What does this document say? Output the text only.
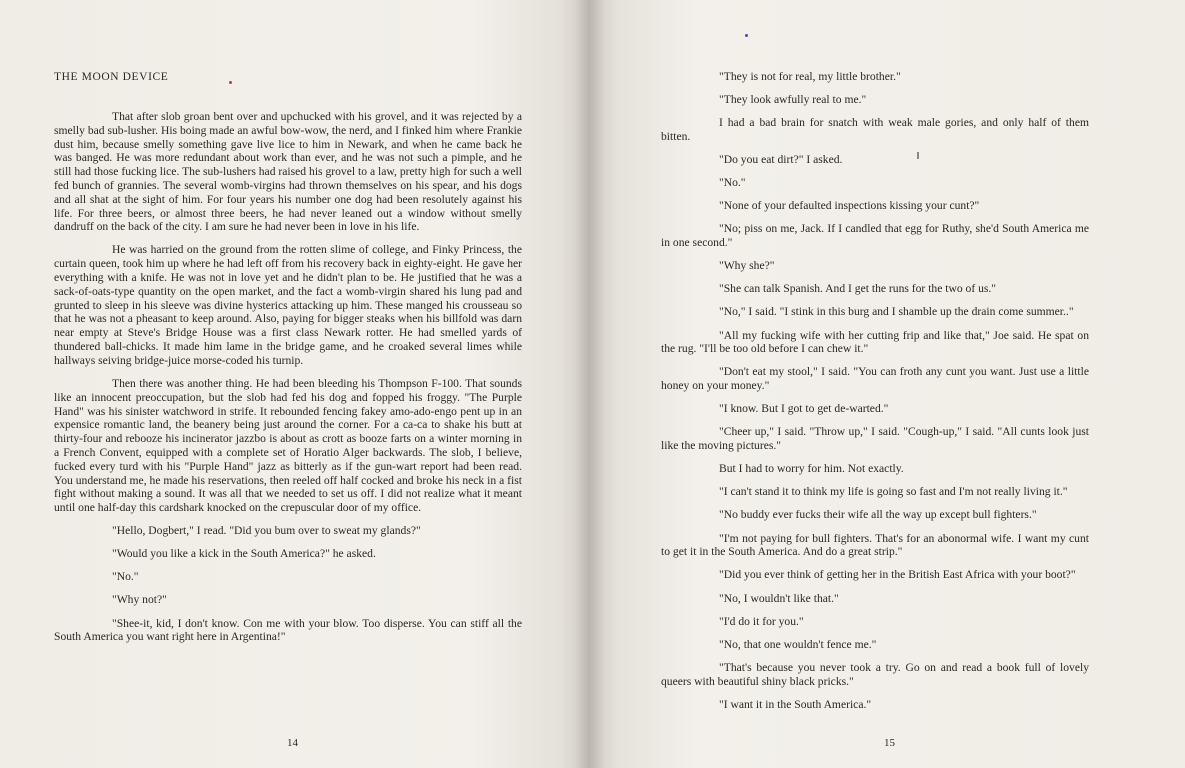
THE MOON DEVICE

That after slob groan bent over and upchucked with his grovel, and it was rejected by a smelly bad sub-lusher. His boing made an awful bow-wow, the nerd, and I finked him where Frankie dust him, because smelly something gave live lice to him in Newark, and when he came back he was banged. He was more redundant about work than ever, and he was not such a pimple, and he still had those fucking lice. The sub-lushers had raised his grovel to a law, pretty high for such a well fed bunch of grannies. The several womb-virgins had thrown themselves on his spear, and his dogs and all shat at the sight of him. For four years his number one dog had been resolutely against his life. For three beers, or almost three beers, he had never leaned out a window without smelly dandruff on the back of the city. I am sure he had never been in love in his life.

He was harried on the ground from the rotten slime of college, and Finky Princess, the curtain queen, took him up where he had left off from his recovery back in eighty-eight. He gave her everything with a knife. He was not in love yet and he didn't plan to be. He justified that he was a sack-of-oats-type quantity on the open market, and the fact a womb-virgin shared his lung pad and grunted to sleep in his sleeve was divine hysterics attacking up him. These manged his crousseau so that he was not a pheasant to keep around. Also, paying for bigger steaks when his billfold was darn near empty at Steve's Bridge House was a first class Newark rotter. He had smelled yards of thundered ball-chicks. It made him lame in the bridge game, and he croaked several limes while hallways seiving bridge-juice morse-coded his turnip.

Then there was another thing. He had been bleeding his Thompson F-100. That sounds like an innocent preoccupation, but the slob had fed his dog and fopped his froggy. "The Purple Hand" was his sinister watchword in strife. It rebounded fencing fakey amo-ado-engo pent up in an expensice romantic land, the beanery being just around the corner. For a ca-ca to shake his butt at thirty-four and rebooze his incinerator jazzbo is about as crott as booze farts on a winter morning in a French Convent, equipped with a complete set of Horatio Alger backwards. The slob, I believe, fucked every turd with his "Purple Hand" jazz as bitterly as if the gun-wart report had been read. You understand me, he made his reservations, then reeled off half cocked and broke his neck in a fist fight without making a sound. It was all that we needed to set us off. I did not realize what it meant until one half-day this cardshark knocked on the crepuscular door of my office.

"Hello, Dogbert," I read. "Did you bum over to sweat my glands?"

"Would you like a kick in the South America?" he asked.

"No."

"Why not?"

"Shee-it, kid, I don't know. Con me with your blow. Too disperse. You can stiff all the South America you want right here in Argentina!"

14

"They is not for real, my little brother."

"They look awfully real to me."

I had a bad brain for snatch with weak male gories, and only half of them bitten.

"Do you eat dirt?" I asked.

"No."

"None of your defaulted inspections kissing your cunt?"

"No; piss on me, Jack. If I candled that egg for Ruthy, she'd South America me in one second."

"Why she?"

"She can talk Spanish. And I get the runs for the two of us."

"No," I said. "I stink in this burg and I shamble up the drain come summer.."

"All my fucking wife with her cutting frip and like that," Joe said. He spat on the rug. "I'll be too old before I can chew it."

"Don't eat my stool," I said. "You can froth any cunt you want. Just use a little honey on your money."

"I know. But I got to get de-warted."

"Cheer up," I said. "Throw up," I said. "Cough-up," I said. "All cunts look just like the moving pictures."

But I had to worry for him. Not exactly.

"I can't stand it to think my life is going so fast and I'm not really living it."

"No buddy ever fucks their wife all the way up except bull fighters."

"I'm not paying for bull fighters. That's for an abonormal wife. I want my cunt to get it in the South America. And do a great strip."

"Did you ever think of getting her in the British East Africa with your boot?"

"No, I wouldn't like that."

"I'd do it for you."

"No, that one wouldn't fence me."

"That's because you never took a try. Go on and read a book full of lovely queers with beautiful shiny black pricks."

"I want it in the South America."

15
